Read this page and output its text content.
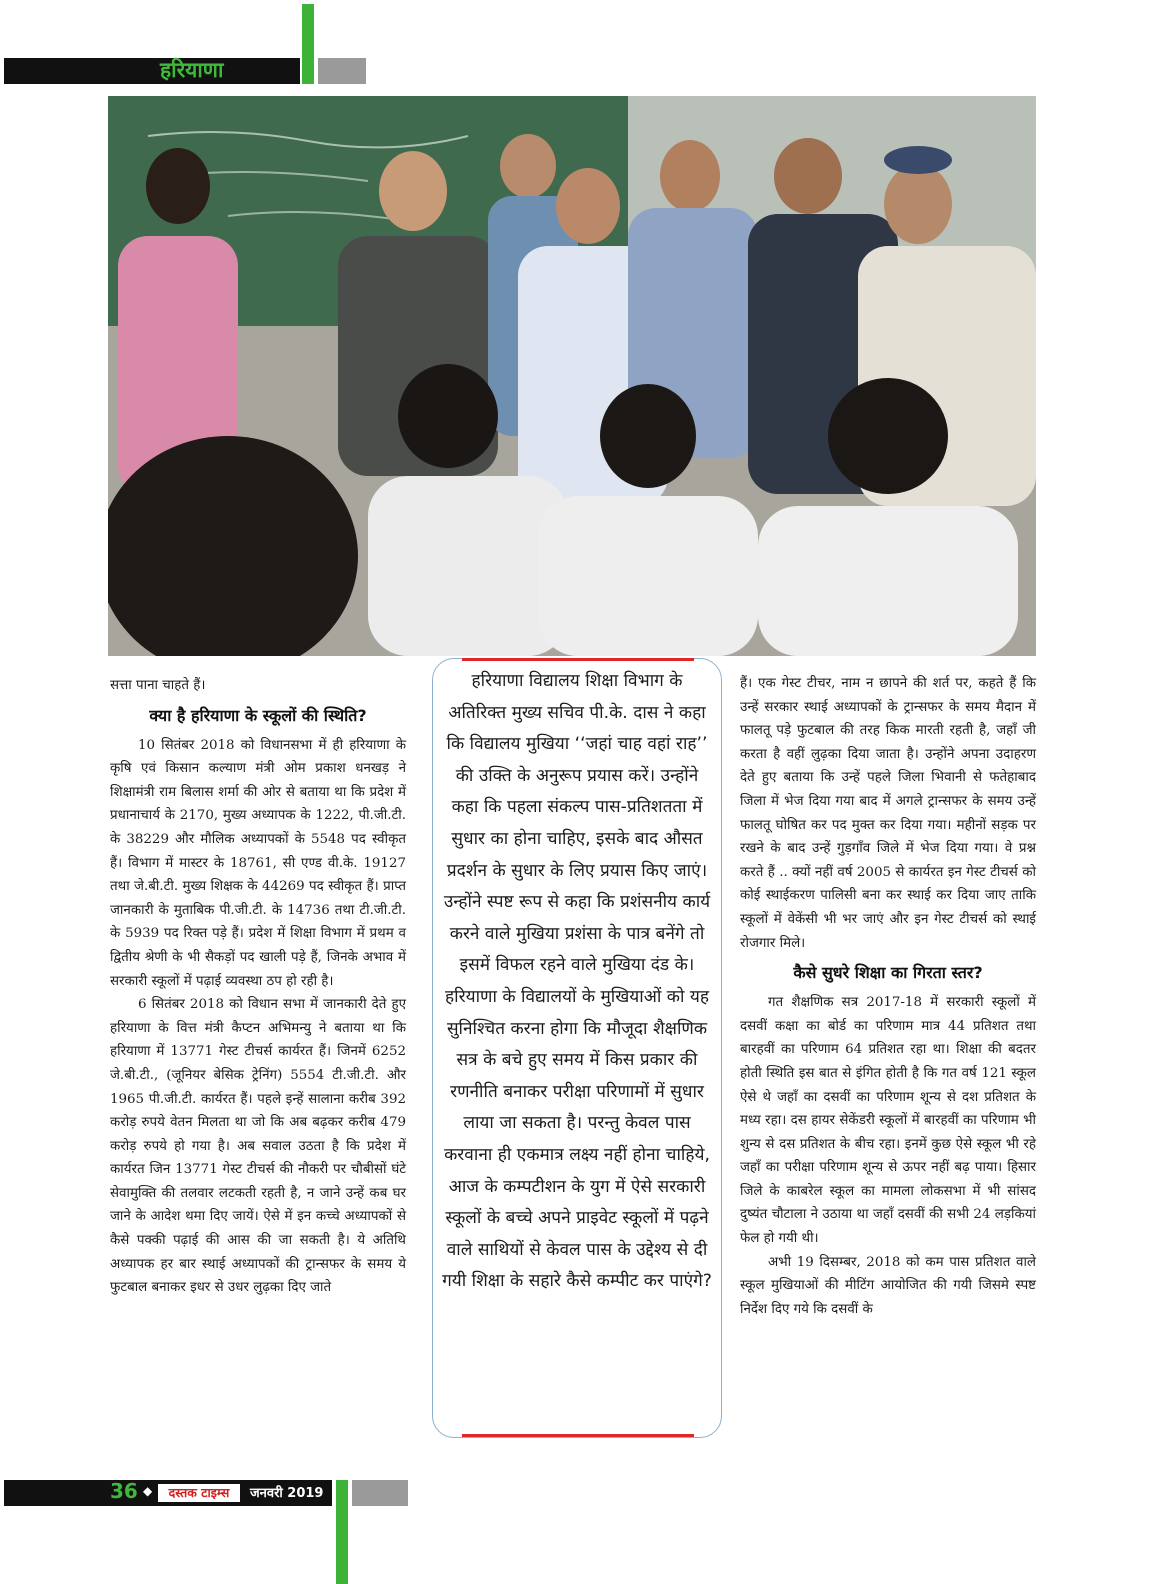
हरियाणा

सत्ता पाना चाहते हैं।

क्या है हरियाणा के स्कूलों की स्थिति?

10 सितंबर 2018 को विधानसभा में ही हरियाणा के कृषि एवं किसान कल्याण मंत्री ओम प्रकाश धनखड़ ने शिक्षामंत्री राम बिलास शर्मा की ओर से बताया था कि प्रदेश में प्रधानाचार्य के 2170, मुख्य अध्यापक के 1222, पी.जी.टी. के 38229 और मौलिक अध्यापकों के 5548 पद स्वीकृत हैं। विभाग में मास्टर के 18761, सी एण्ड वी.के. 19127 तथा जे.बी.टी. मुख्य शिक्षक के 44269 पद स्वीकृत हैं। प्राप्त जानकारी के मुताबिक पी.जी.टी. के 14736 तथा टी.जी.टी. के 5939 पद रिक्त पड़े हैं। प्रदेश में शिक्षा विभाग में प्रथम व द्वितीय श्रेणी के भी सैकड़ों पद खाली पड़े हैं, जिनके अभाव में सरकारी स्कूलों में पढ़ाई व्यवस्था ठप हो रही है।

6 सितंबर 2018 को विधान सभा में जानकारी देते हुए हरियाणा के वित्त मंत्री कैप्टन अभिमन्यु ने बताया था कि हरियाणा में 13771 गेस्ट टीचर्स कार्यरत हैं। जिनमें 6252 जे.बी.टी., (जूनियर बेसिक ट्रेनिंग) 5554 टी.जी.टी. और 1965 पी.जी.टी. कार्यरत हैं। पहले इन्हें सालाना करीब 392 करोड़ रुपये वेतन मिलता था जो कि अब बढ़कर करीब 479 करोड़ रुपये हो गया है। अब सवाल उठता है कि प्रदेश में कार्यरत जिन 13771 गेस्ट टीचर्स की नौकरी पर चौबीसों घंटे सेवामुक्ति की तलवार लटकती रहती है, न जाने उन्हें कब घर जाने के आदेश थमा दिए जायें। ऐसे में इन कच्चे अध्यापकों से कैसे पक्की पढ़ाई की आस की जा सकती है। ये अतिथि अध्यापक हर बार स्थाई अध्यापकों की ट्रान्सफर के समय ये फुटबाल बनाकर इधर से उधर लुढ़का दिए जाते

हरियाणा विद्यालय शिक्षा विभाग के अतिरिक्त मुख्य सचिव पी.के. दास ने कहा कि विद्यालय मुखिया ‘‘जहां चाह वहां राह’’ की उक्ति के अनुरूप प्रयास करें। उन्होंने कहा कि पहला संकल्प पास-प्रतिशतता में सुधार का होना चाहिए, इसके बाद औसत प्रदर्शन के सुधार के लिए प्रयास किए जाएं। उन्होंने स्पष्ट रूप से कहा कि प्रशंसनीय कार्य करने वाले मुखिया प्रशंसा के पात्र बनेंगे तो इसमें विफल रहने वाले मुखिया दंड के। हरियाणा के विद्यालयों के मुखियाओं को यह सुनिश्चित करना होगा कि मौजूदा शैक्षणिक सत्र के बचे हुए समय में किस प्रकार की रणनीति बनाकर परीक्षा परिणामों में सुधार लाया जा सकता है। परन्तु केवल पास करवाना ही एकमात्र लक्ष्य नहीं होना चाहिये, आज के कम्पटीशन के युग में ऐसे सरकारी स्कूलों के बच्चे अपने प्राइवेट स्कूलों में पढ़ने वाले साथियों से केवल पास के उद्देश्य से दी गयी शिक्षा के सहारे कैसे कम्पीट कर पाएंगे?

हैं। एक गेस्ट टीचर, नाम न छापने की शर्त पर, कहते हैं कि उन्हें सरकार स्थाई अध्यापकों के ट्रान्सफर के समय मैदान में फालतू पड़े फुटबाल की तरह किक मारती रहती है, जहाँ जी करता है वहीं लुढ़का दिया जाता है। उन्होंने अपना उदाहरण देते हुए बताया कि उन्हें पहले जिला भिवानी से फतेहाबाद जिला में भेज दिया गया बाद में अगले ट्रान्सफर के समय उन्हें फालतू घोषित कर पद मुक्त कर दिया गया। महीनों सड़क पर रखने के बाद उन्हें गुड़गाँव जिले में भेज दिया गया। वे प्रश्न करते हैं .. क्यों नहीं वर्ष 2005 से कार्यरत इन गेस्ट टीचर्स को कोई स्थाईकरण पालिसी बना कर स्थाई कर दिया जाए ताकि स्कूलों में वेकेंसी भी भर जाएं और इन गेस्ट टीचर्स को स्थाई रोजगार मिले।

कैसे सुधरे शिक्षा का गिरता स्तर?

गत शैक्षणिक सत्र 2017-18 में सरकारी स्कूलों में दसवीं कक्षा का बोर्ड का परिणाम मात्र 44 प्रतिशत तथा बारहवीं का परिणाम 64 प्रतिशत रहा था। शिक्षा की बदतर होती स्थिति इस बात से इंगित होती है कि गत वर्ष 121 स्कूल ऐसे थे जहाँ का दसवीं का परिणाम शून्य से दश प्रतिशत के मध्य रहा। दस हायर सेकेंडरी स्कूलों में बारहवीं का परिणाम भी शुन्य से दस प्रतिशत के बीच रहा। इनमें कुछ ऐसे स्कूल भी रहे जहाँ का परीक्षा परिणाम शून्य से ऊपर नहीं बढ़ पाया। हिसार जिले के काबरेल स्कूल का मामला लोकसभा में भी सांसद दुष्यंत चौटाला ने उठाया था जहाँ दसवीं की सभी 24 लड़कियां फेल हो गयी थी।

अभी 19 दिसम्बर, 2018 को कम पास प्रतिशत वाले स्कूल मुखियाओं की मीटिंग आयोजित की गयी जिसमे स्पष्ट निर्देश दिए गये कि दसवीं के

36 ◆	दस्तक टाइम्स	जनवरी 2019
